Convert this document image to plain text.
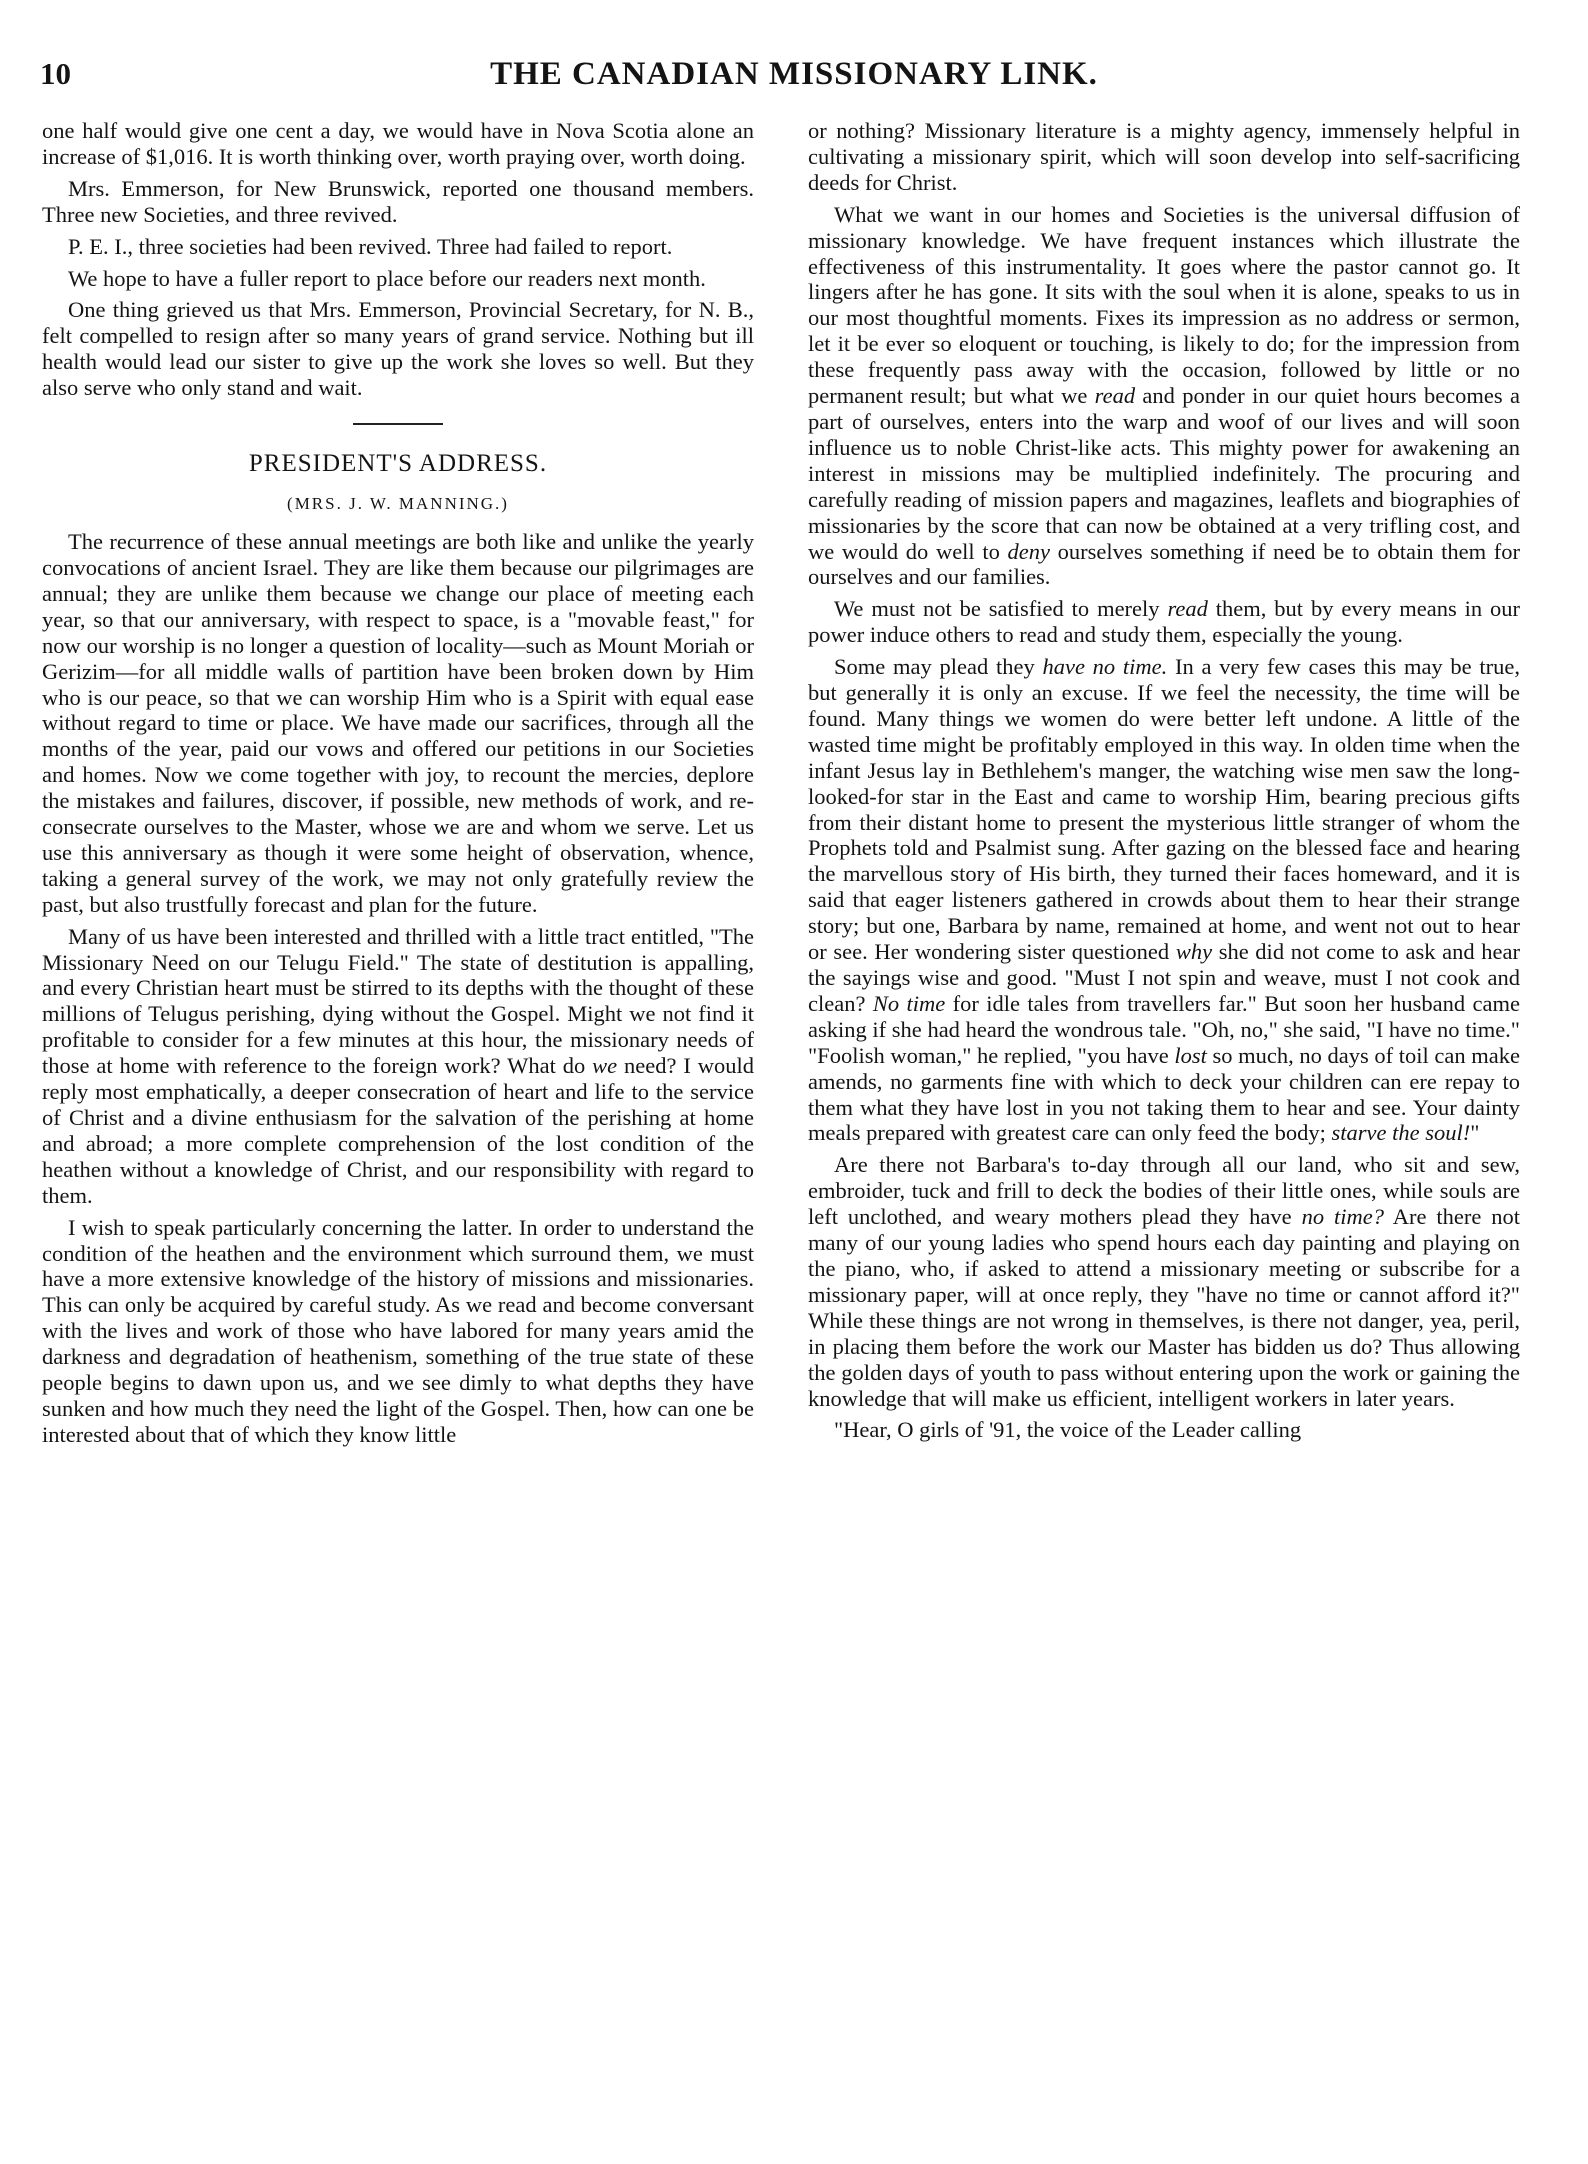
10	THE CANADIAN MISSIONARY LINK.

one half would give one cent a day, we would have in Nova Scotia alone an increase of $1,016. It is worth thinking over, worth praying over, worth doing.

Mrs. Emmerson, for New Brunswick, reported one thousand members. Three new Societies, and three revived.

P. E. I., three societies had been revived. Three had failed to report.

We hope to have a fuller report to place before our readers next month.

One thing grieved us that Mrs. Emmerson, Provincial Secretary, for N. B., felt compelled to resign after so many years of grand service. Nothing but ill health would lead our sister to give up the work she loves so well. But they also serve who only stand and wait.

PRESIDENT'S ADDRESS.
(MRS. J. W. MANNING.)

The recurrence of these annual meetings are both like and unlike the yearly convocations of ancient Israel. They are like them because our pilgrimages are annual; they are unlike them because we change our place of meeting each year, so that our anniversary, with respect to space, is a "movable feast," for now our worship is no longer a question of locality—such as Mount Moriah or Gerizim—for all middle walls of partition have been broken down by Him who is our peace, so that we can worship Him who is a Spirit with equal ease without regard to time or place. We have made our sacrifices, through all the months of the year, paid our vows and offered our petitions in our Societies and homes. Now we come together with joy, to recount the mercies, deplore the mistakes and failures, discover, if possible, new methods of work, and re-consecrate ourselves to the Master, whose we are and whom we serve. Let us use this anniversary as though it were some height of observation, whence, taking a general survey of the work, we may not only gratefully review the past, but also trustfully forecast and plan for the future.

Many of us have been interested and thrilled with a little tract entitled, "The Missionary Need on our Telugu Field." The state of destitution is appalling, and every Christian heart must be stirred to its depths with the thought of these millions of Telugus perishing, dying without the Gospel. Might we not find it profitable to consider for a few minutes at this hour, the missionary needs of those at home with reference to the foreign work? What do we need? I would reply most emphatically, a deeper consecration of heart and life to the service of Christ and a divine enthusiasm for the salvation of the perishing at home and abroad; a more complete comprehension of the lost condition of the heathen without a knowledge of Christ, and our responsibility with regard to them.

I wish to speak particularly concerning the latter. In order to understand the condition of the heathen and the environment which surround them, we must have a more extensive knowledge of the history of missions and missionaries. This can only be acquired by careful study. As we read and become conversant with the lives and work of those who have labored for many years amid the darkness and degradation of heathenism, something of the true state of these people begins to dawn upon us, and we see dimly to what depths they have sunken and how much they need the light of the Gospel. Then, how can one be interested about that of which they know little

or nothing? Missionary literature is a mighty agency, immensely helpful in cultivating a missionary spirit, which will soon develop into self-sacrificing deeds for Christ.

What we want in our homes and Societies is the universal diffusion of missionary knowledge. We have frequent instances which illustrate the effectiveness of this instrumentality. It goes where the pastor cannot go. It lingers after he has gone. It sits with the soul when it is alone, speaks to us in our most thoughtful moments. Fixes its impression as no address or sermon, let it be ever so eloquent or touching, is likely to do; for the impression from these frequently pass away with the occasion, followed by little or no permanent result; but what we read and ponder in our quiet hours becomes a part of ourselves, enters into the warp and woof of our lives and will soon influence us to noble Christ-like acts. This mighty power for awakening an interest in missions may be multiplied indefinitely. The procuring and carefully reading of mission papers and magazines, leaflets and biographies of missionaries by the score that can now be obtained at a very trifling cost, and we would do well to deny ourselves something if need be to obtain them for ourselves and our families.

We must not be satisfied to merely read them, but by every means in our power induce others to read and study them, especially the young.

Some may plead they have no time. In a very few cases this may be true, but generally it is only an excuse. If we feel the necessity, the time will be found. Many things we women do were better left undone. A little of the wasted time might be profitably employed in this way. In olden time when the infant Jesus lay in Bethlehem's manger, the watching wise men saw the long-looked-for star in the East and came to worship Him, bearing precious gifts from their distant home to present the mysterious little stranger of whom the Prophets told and Psalmist sung. After gazing on the blessed face and hearing the marvellous story of His birth, they turned their faces homeward, and it is said that eager listeners gathered in crowds about them to hear their strange story; but one, Barbara by name, remained at home, and went not out to hear or see. Her wondering sister questioned why she did not come to ask and hear the sayings wise and good. "Must I not spin and weave, must I not cook and clean? No time for idle tales from travellers far." But soon her husband came asking if she had heard the wondrous tale. "Oh, no," she said, "I have no time." "Foolish woman," he replied, "you have lost so much, no days of toil can make amends, no garments fine with which to deck your children can ere repay to them what they have lost in you not taking them to hear and see. Your dainty meals prepared with greatest care can only feed the body; starve the soul!"

Are there not Barbara's to-day through all our land, who sit and sew, embroider, tuck and frill to deck the bodies of their little ones, while souls are left unclothed, and weary mothers plead they have no time? Are there not many of our young ladies who spend hours each day painting and playing on the piano, who, if asked to attend a missionary meeting or subscribe for a missionary paper, will at once reply, they "have no time or cannot afford it?" While these things are not wrong in themselves, is there not danger, yea, peril, in placing them before the work our Master has bidden us do? Thus allowing the golden days of youth to pass without entering upon the work or gaining the knowledge that will make us efficient, intelligent workers in later years.

"Hear, O girls of '91, the voice of the Leader calling
